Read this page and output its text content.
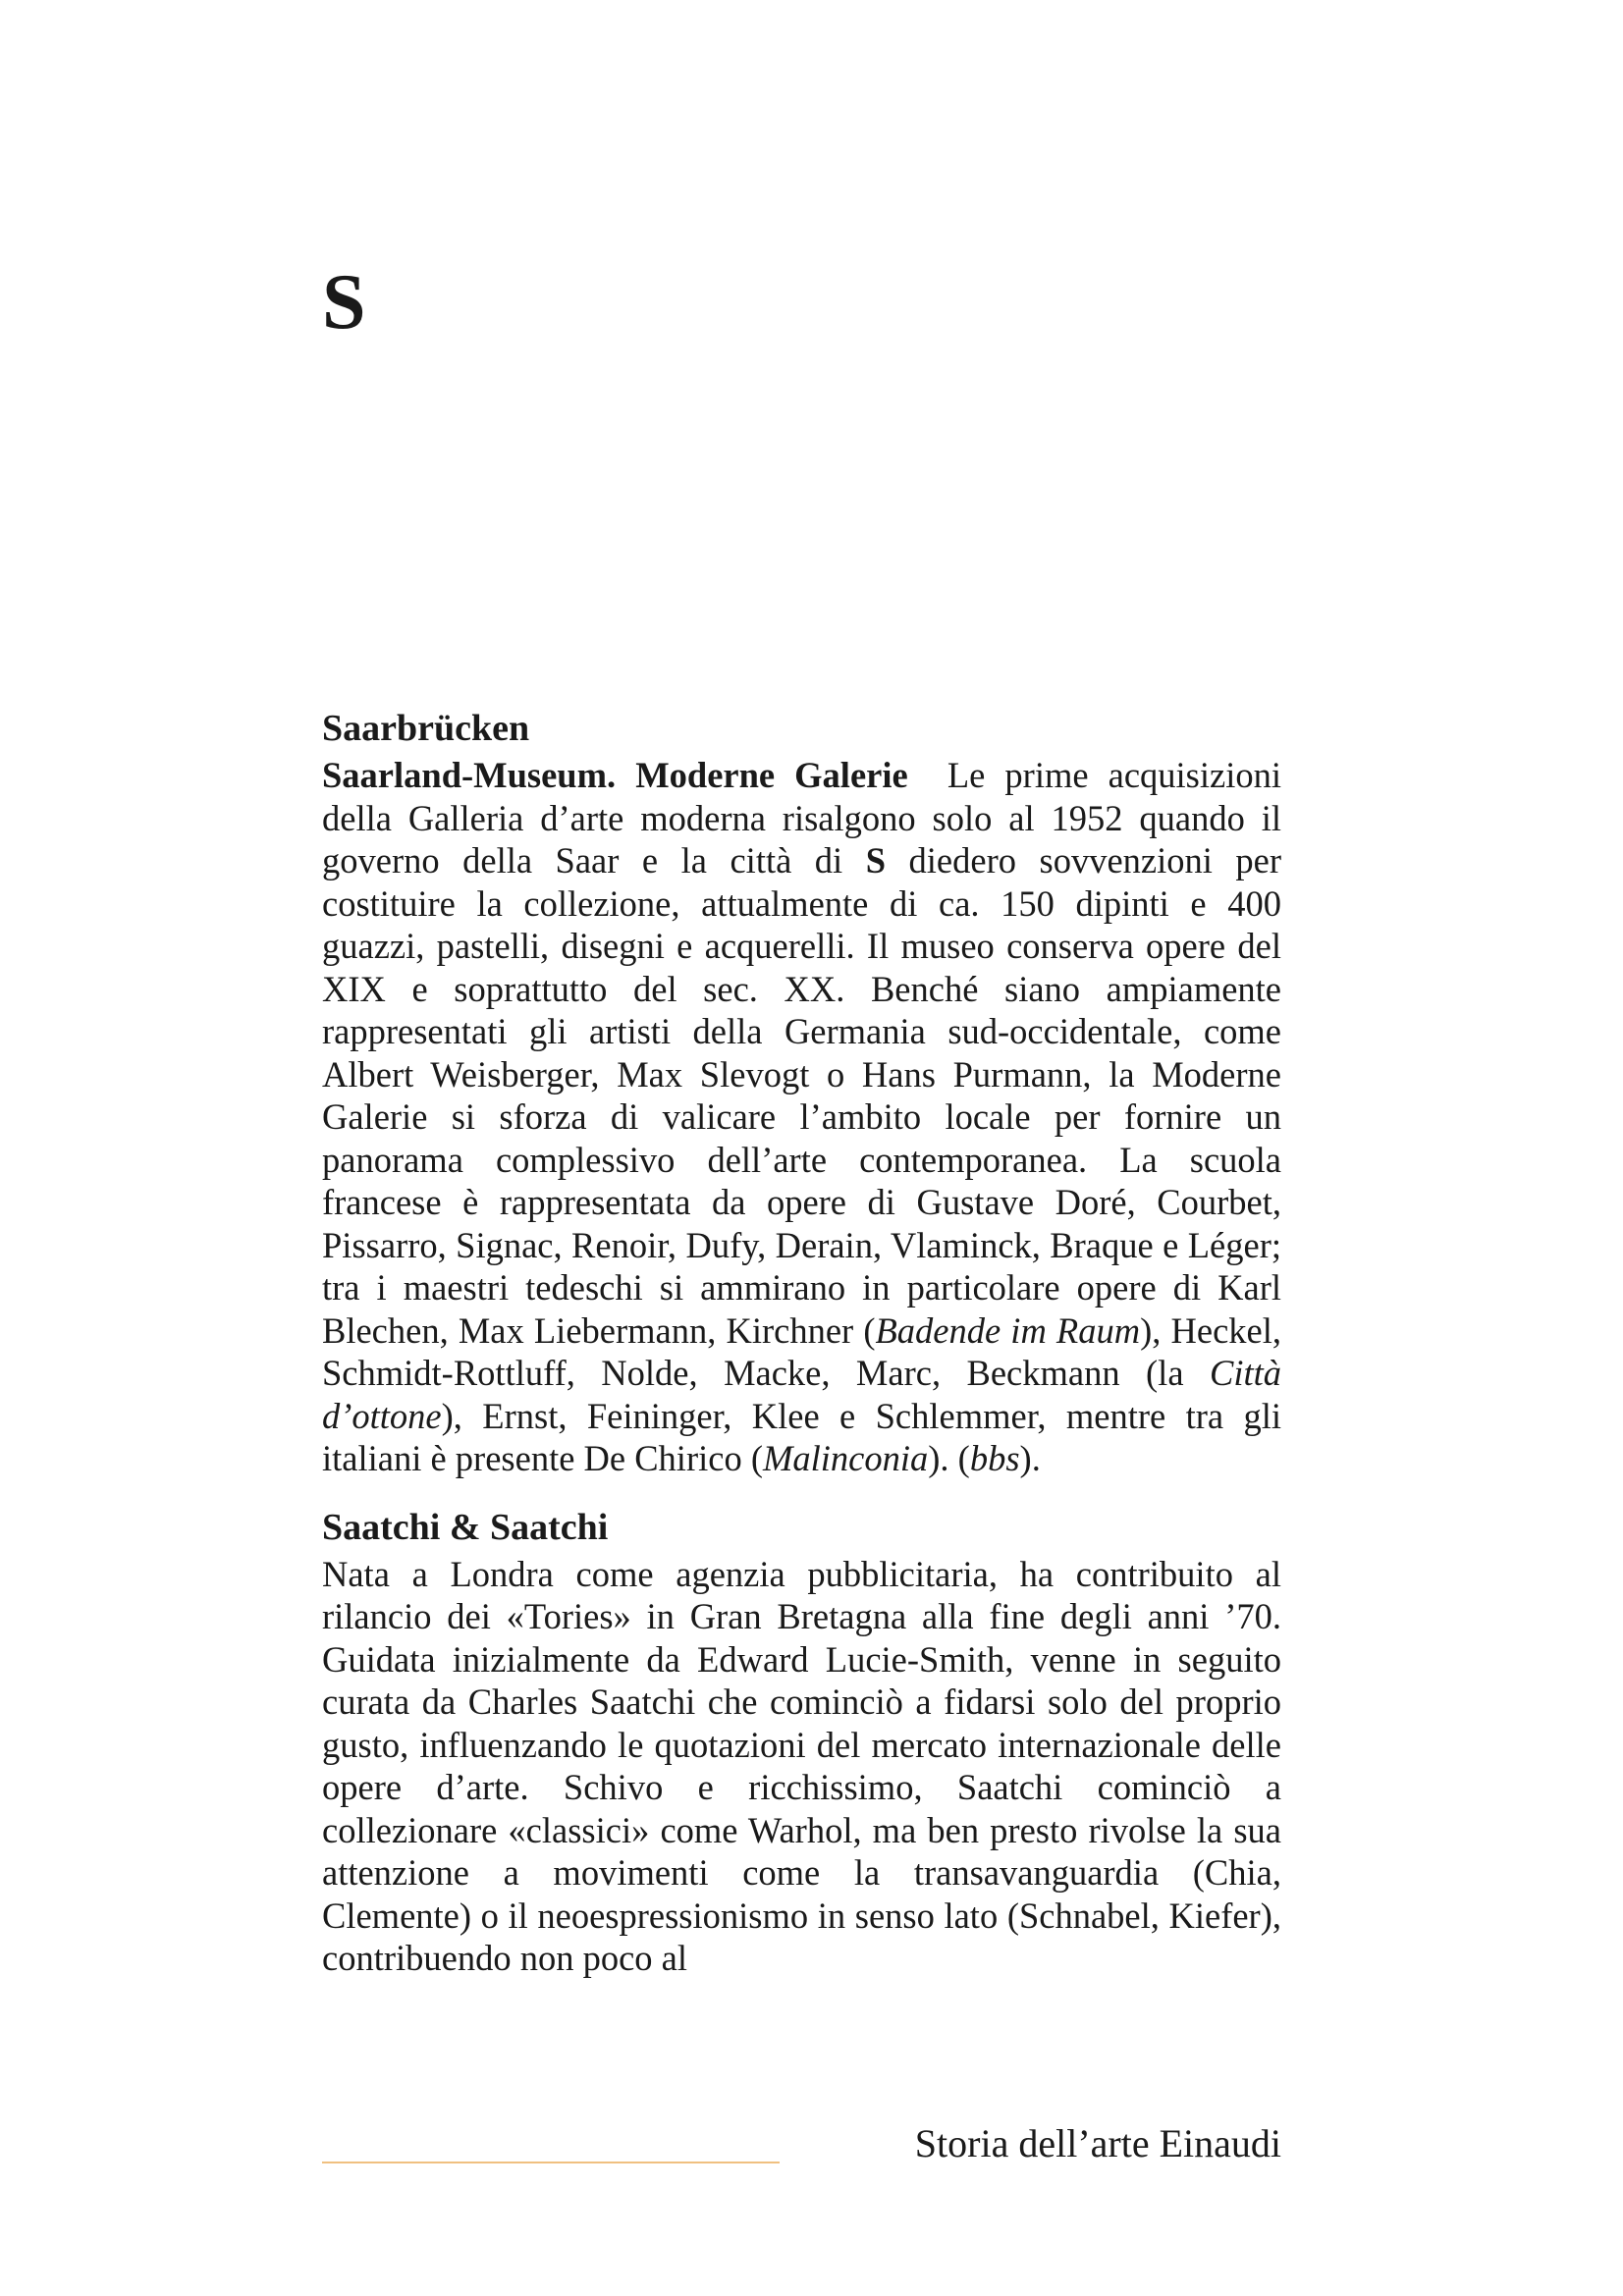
S
Saarbrücken

Saarland-Museum. Moderne Galerie Le prime acquisizioni della Galleria d’arte moderna risalgono solo al 1952 quando il governo della Saar e la città di S diedero sovvenzioni per costituire la collezione, attualmente di ca. 150 dipinti e 400 guazzi, pastelli, disegni e acquerelli. Il museo conserva opere del XIX e soprattutto del sec. XX. Benché siano ampiamente rappresentati gli artisti della Germania sud-occidentale, come Albert Weisberger, Max Slevogt o Hans Purmann, la Moderne Galerie si sforza di valicare l’ambito locale per fornire un panorama complessivo dell’arte contemporanea. La scuola francese è rappresentata da opere di Gustave Doré, Courbet, Pissarro, Signac, Renoir, Dufy, Derain, Vlaminck, Braque e Léger; tra i maestri tedeschi si ammirano in particolare opere di Karl Blechen, Max Liebermann, Kirchner (Badende im Raum), Heckel, Schmidt-Rottluff, Nolde, Macke, Marc, Beckmann (la Città d’ottone), Ernst, Feininger, Klee e Schlemmer, mentre tra gli italiani è presente De Chirico (Malinconia). (bbs).

Saatchi & Saatchi

Nata a Londra come agenzia pubblicitaria, ha contribuito al rilancio dei «Tories» in Gran Bretagna alla fine degli anni ’70. Guidata inizialmente da Edward Lucie-Smith, venne in seguito curata da Charles Saatchi che cominciò a fidarsi solo del proprio gusto, influenzando le quotazioni del mercato internazionale delle opere d’arte. Schivo e ricchissimo, Saatchi cominciò a collezionare «classici» come Warhol, ma ben presto rivolse la sua attenzione a movimenti come la transavanguardia (Chia, Clemente) o il neoespressionismo in senso lato (Schnabel, Kiefer), contribuendo non poco al

Storia dell’arte Einaudi
